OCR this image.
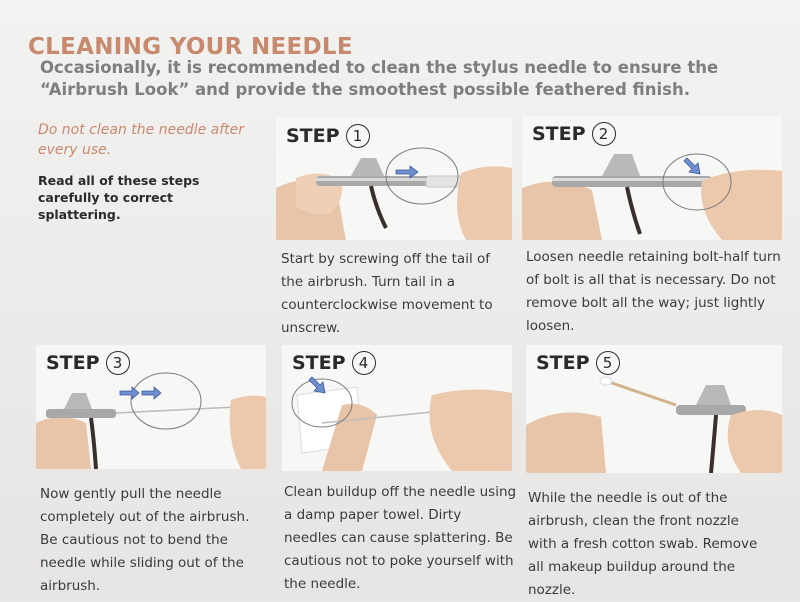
CLEANING YOUR NEEDLE
Occasionally, it is recommended to clean the stylus needle to ensure the “Airbrush Look” and provide the smoothest possible feathered finish.
Do not clean the needle after every use.
Read all of these steps carefully to correct splattering.
STEP 1
Start by screwing off the tail of the airbrush. Turn tail in a counterclockwise movement to unscrew.
STEP 2
Loosen needle retaining bolt-half turn of bolt is all that is necessary. Do not remove bolt all the way; just lightly loosen.
STEP 3
Now gently pull the needle completely out of the airbrush. Be cautious not to bend the needle while sliding out of the airbrush.
STEP 4
Clean buildup off the needle using a damp paper towel. Dirty needles can cause splattering. Be cautious not to poke yourself with the needle.
STEP 5
While the needle is out of the airbrush, clean the front nozzle with a fresh cotton swab. Remove all makeup buildup around the nozzle.
